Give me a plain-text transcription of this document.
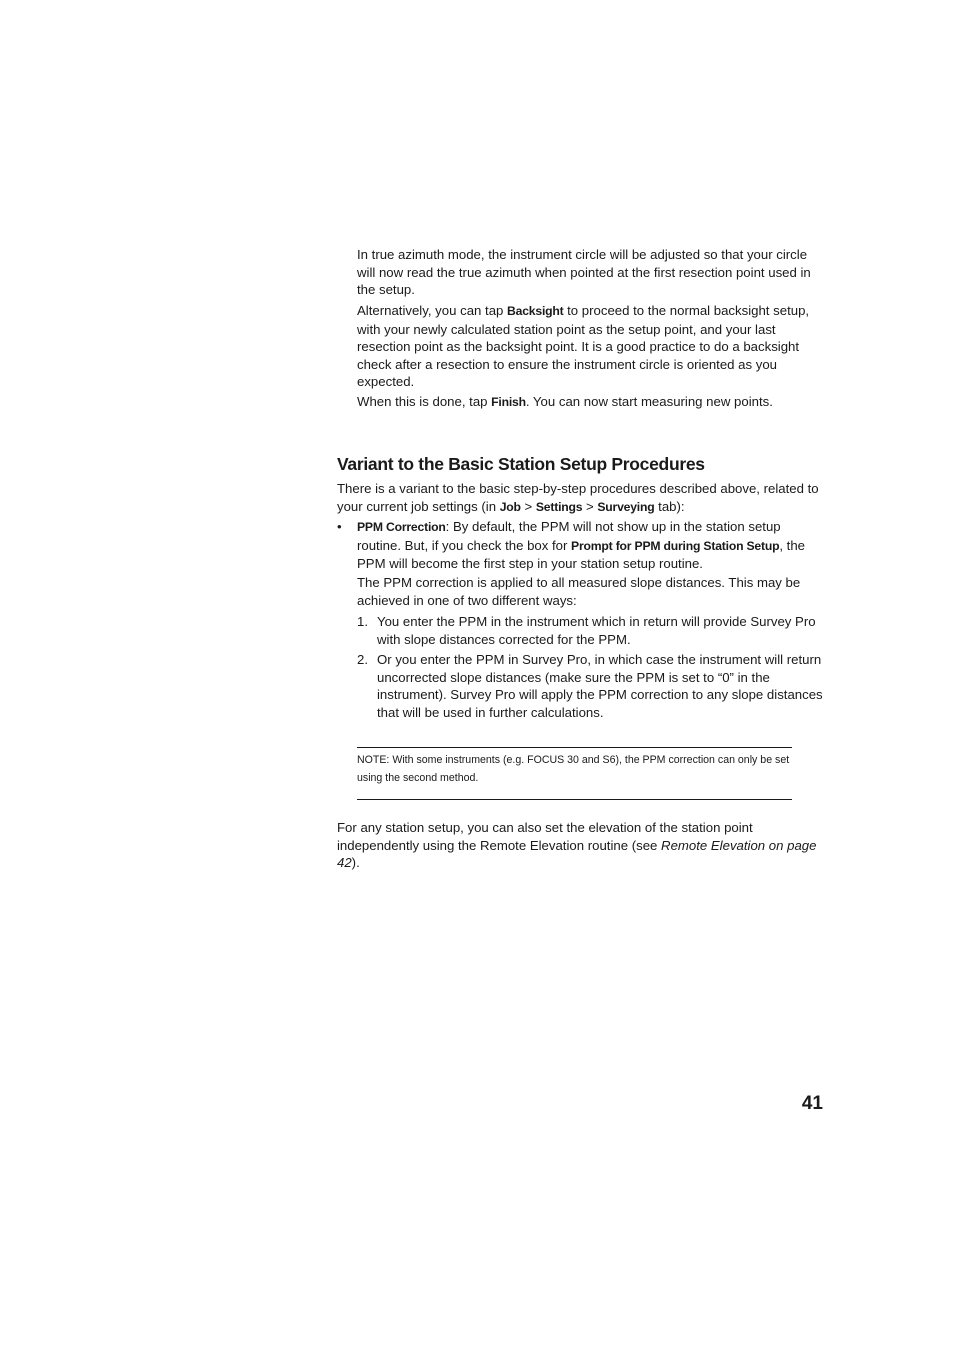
In true azimuth mode, the instrument circle will be adjusted so that your circle will now read the true azimuth when pointed at the first resection point used in the setup.

Alternatively, you can tap Backsight to proceed to the normal backsight setup, with your newly calculated station point as the setup point, and your last resection point as the backsight point. It is a good practice to do a backsight check after a resection to ensure the instrument circle is oriented as you expected.

When this is done, tap Finish. You can now start measuring new points.

Variant to the Basic Station Setup Procedures

There is a variant to the basic step-by-step procedures described above, related to your current job settings (in Job > Settings > Surveying tab):

•	PPM Correction: By default, the PPM will not show up in the station setup routine. But, if you check the box for Prompt for PPM during Station Setup, the PPM will become the first step in your station setup routine.

The PPM correction is applied to all measured slope distances. This may be achieved in one of two different ways:

1. You enter the PPM in the instrument which in return will provide Survey Pro with slope distances corrected for the PPM.

2. Or you enter the PPM in Survey Pro, in which case the instrument will return uncorrected slope distances (make sure the PPM is set to “0” in the instrument). Survey Pro will apply the PPM correction to any slope distances that will be used in further calculations.

NOTE: With some instruments (e.g. FOCUS 30 and S6), the PPM correction can only be set using the second method.

For any station setup, you can also set the elevation of the station point independently using the Remote Elevation routine (see Remote Elevation on page 42).

41
